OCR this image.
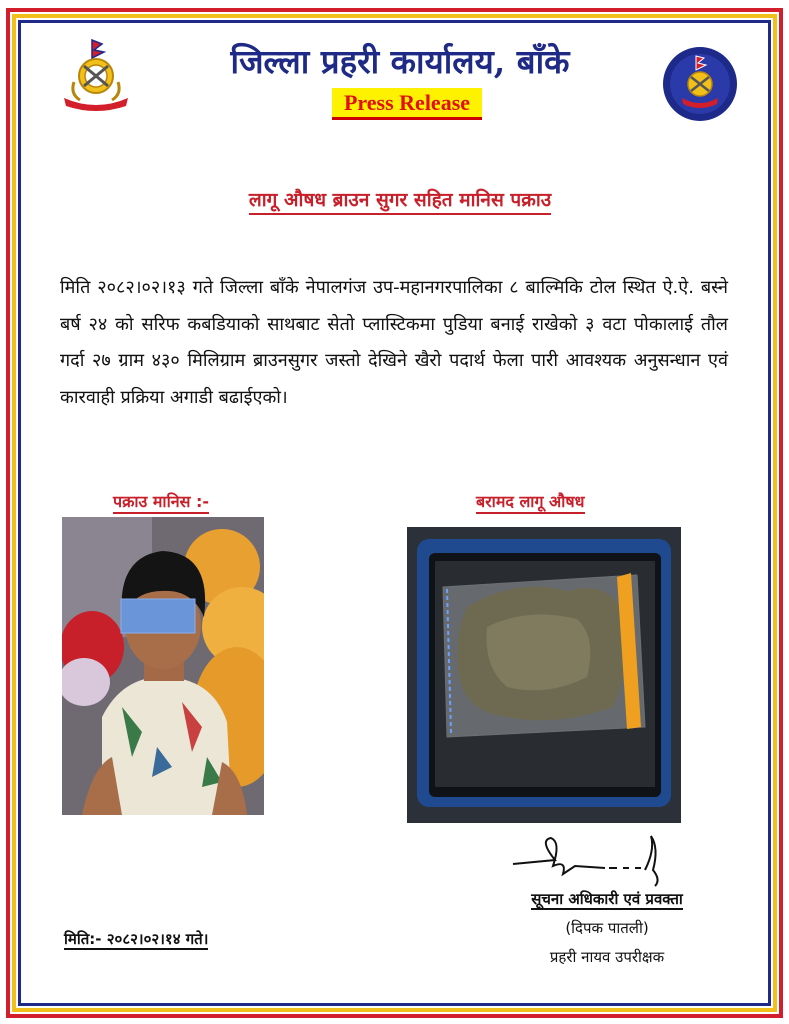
जिल्ला प्रहरी कार्यालय, बाँके
Press Release
लागू औषध ब्राउन सुगर सहित मानिस पक्राउ
मिति २०८२।०२।१३ गते जिल्ला बाँके नेपालगंज उप-महानगरपालिका ८ बाल्मिकि टोल स्थित ऐ.ऐ. बस्ने बर्ष २४ को सरिफ कबडियाको साथबाट सेतो प्लास्टिकमा पुडिया बनाई राखेको ३ वटा पोकालाई तौल गर्दा २७ ग्राम ४३० मिलिग्राम ब्राउनसुगर जस्तो देखिने खैरो पदार्थ फेला पारी आवश्यक अनुसन्धान एवं कारवाही प्रक्रिया अगाडी बढाईएको।
पक्राउ मानिस :-	बरामद लागू औषध
सूचना अधिकारी एवं प्रवक्ता
(दिपक पातली)
प्रहरी नायव उपरीक्षक
मिति:- २०८२।०२।१४ गते।
